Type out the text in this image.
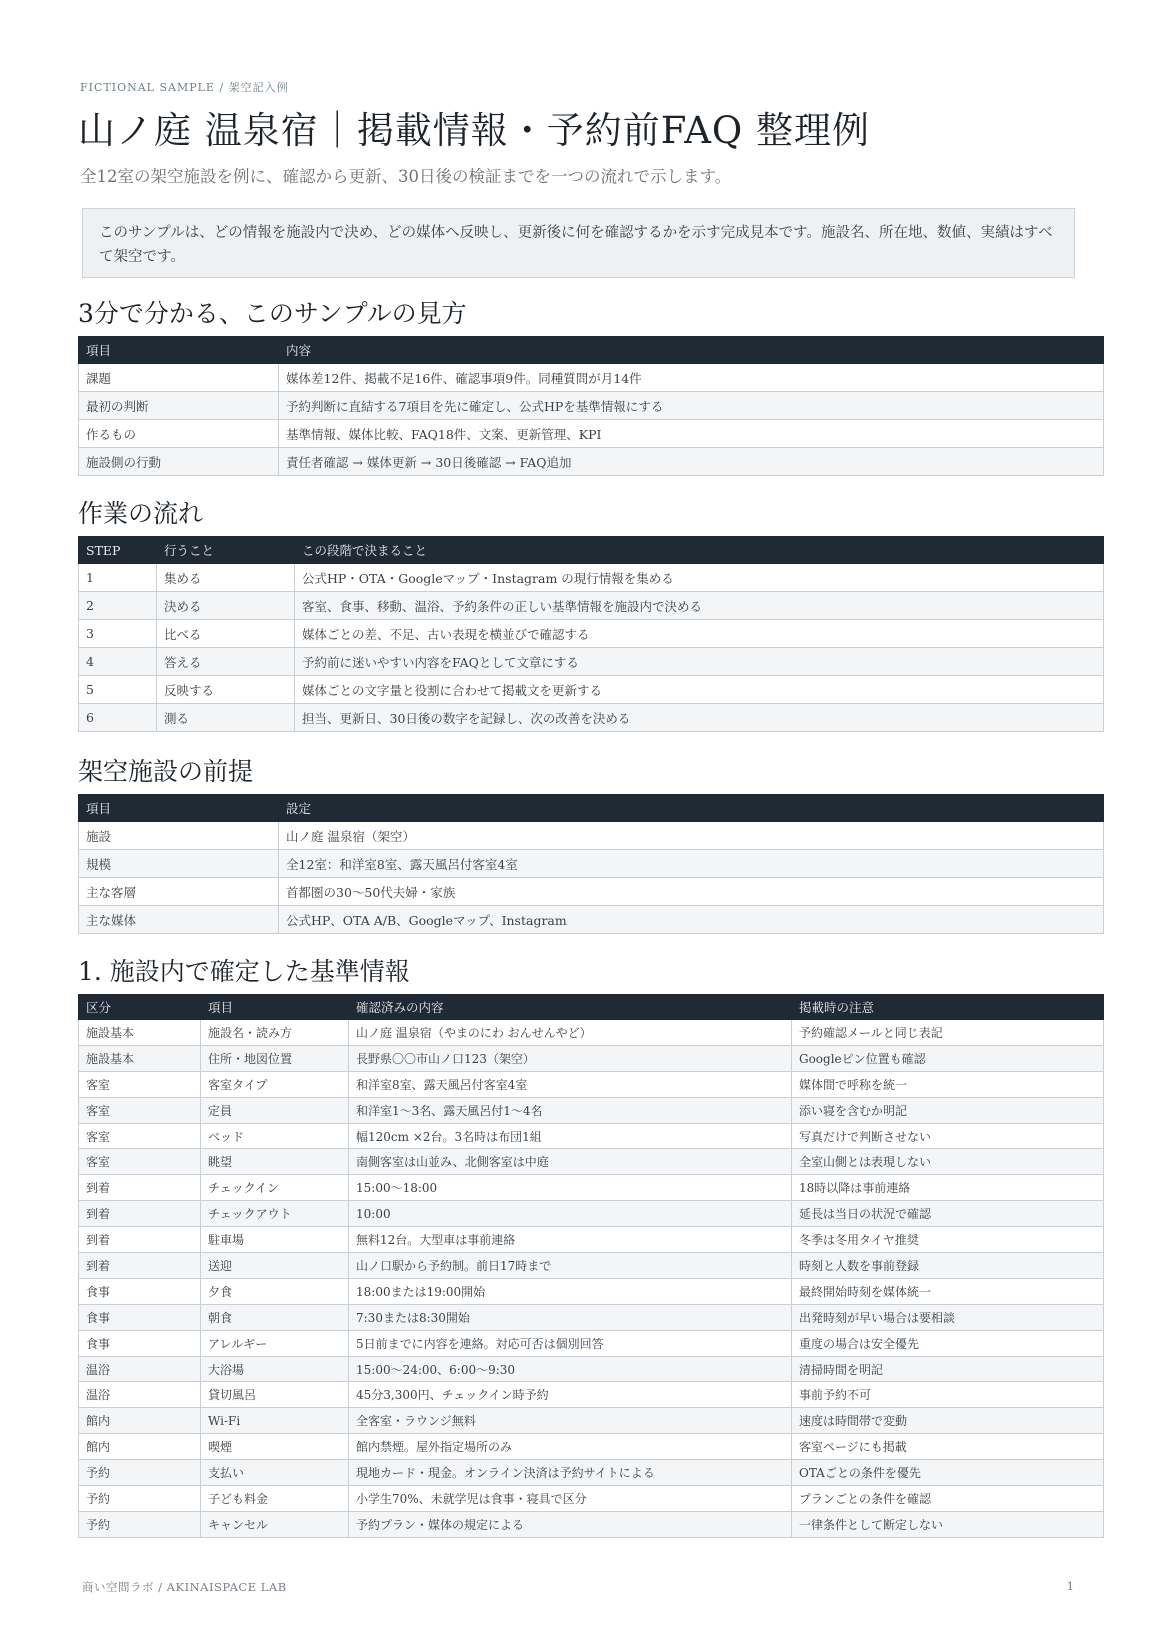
FICTIONAL SAMPLE / 架空記入例
山ノ庭 温泉宿｜掲載情報・予約前FAQ 整理例
全12室の架空施設を例に、確認から更新、30日後の検証までを一つの流れで示します。
このサンプルは、どの情報を施設内で決め、どの媒体へ反映し、更新後に何を確認するかを示す完成見本です。施設名、所在地、数値、実績はすべて架空です。
3分で分かる、このサンプルの見方
項目	内容
課題	媒体差12件、掲載不足16件、確認事項9件。同種質問が月14件
最初の判断	予約判断に直結する7項目を先に確定し、公式HPを基準情報にする
作るもの	基準情報、媒体比較、FAQ18件、文案、更新管理、KPI
施設側の行動	責任者確認 → 媒体更新 → 30日後確認 → FAQ追加
作業の流れ
STEP	行うこと	この段階で決まること
1	集める	公式HP・OTA・Googleマップ・Instagram の現行情報を集める
2	決める	客室、食事、移動、温浴、予約条件の正しい基準情報を施設内で決める
3	比べる	媒体ごとの差、不足、古い表現を横並びで確認する
4	答える	予約前に迷いやすい内容をFAQとして文章にする
5	反映する	媒体ごとの文字量と役割に合わせて掲載文を更新する
6	測る	担当、更新日、30日後の数字を記録し、次の改善を決める
架空施設の前提
項目	設定
施設	山ノ庭 温泉宿（架空）
規模	全12室：和洋室8室、露天風呂付客室4室
主な客層	首都圏の30〜50代夫婦・家族
主な媒体	公式HP、OTA A/B、Googleマップ、Instagram
1. 施設内で確定した基準情報
区分	項目	確認済みの内容	掲載時の注意
施設基本	施設名・読み方	山ノ庭 温泉宿（やまのにわ おんせんやど）	予約確認メールと同じ表記
施設基本	住所・地図位置	長野県〇〇市山ノ口123（架空）	Googleピン位置も確認
客室	客室タイプ	和洋室8室、露天風呂付客室4室	媒体間で呼称を統一
客室	定員	和洋室1〜3名、露天風呂付1〜4名	添い寝を含むか明記
客室	ベッド	幅120cm ×2台。3名時は布団1組	写真だけで判断させない
客室	眺望	南側客室は山並み、北側客室は中庭	全室山側とは表現しない
到着	チェックイン	15:00〜18:00	18時以降は事前連絡
到着	チェックアウト	10:00	延長は当日の状況で確認
到着	駐車場	無料12台。大型車は事前連絡	冬季は冬用タイヤ推奨
到着	送迎	山ノ口駅から予約制。前日17時まで	時刻と人数を事前登録
食事	夕食	18:00または19:00開始	最終開始時刻を媒体統一
食事	朝食	7:30または8:30開始	出発時刻が早い場合は要相談
食事	アレルギー	5日前までに内容を連絡。対応可否は個別回答	重度の場合は安全優先
温浴	大浴場	15:00〜24:00、6:00〜9:30	清掃時間を明記
温浴	貸切風呂	45分3,300円、チェックイン時予約	事前予約不可
館内	Wi-Fi	全客室・ラウンジ無料	速度は時間帯で変動
館内	喫煙	館内禁煙。屋外指定場所のみ	客室ページにも掲載
予約	支払い	現地カード・現金。オンライン決済は予約サイトによる	OTAごとの条件を優先
予約	子ども料金	小学生70%、未就学児は食事・寝具で区分	プランごとの条件を確認
予約	キャンセル	予約プラン・媒体の規定による	一律条件として断定しない
商い空間ラボ / AKINAISPACE LAB	1
